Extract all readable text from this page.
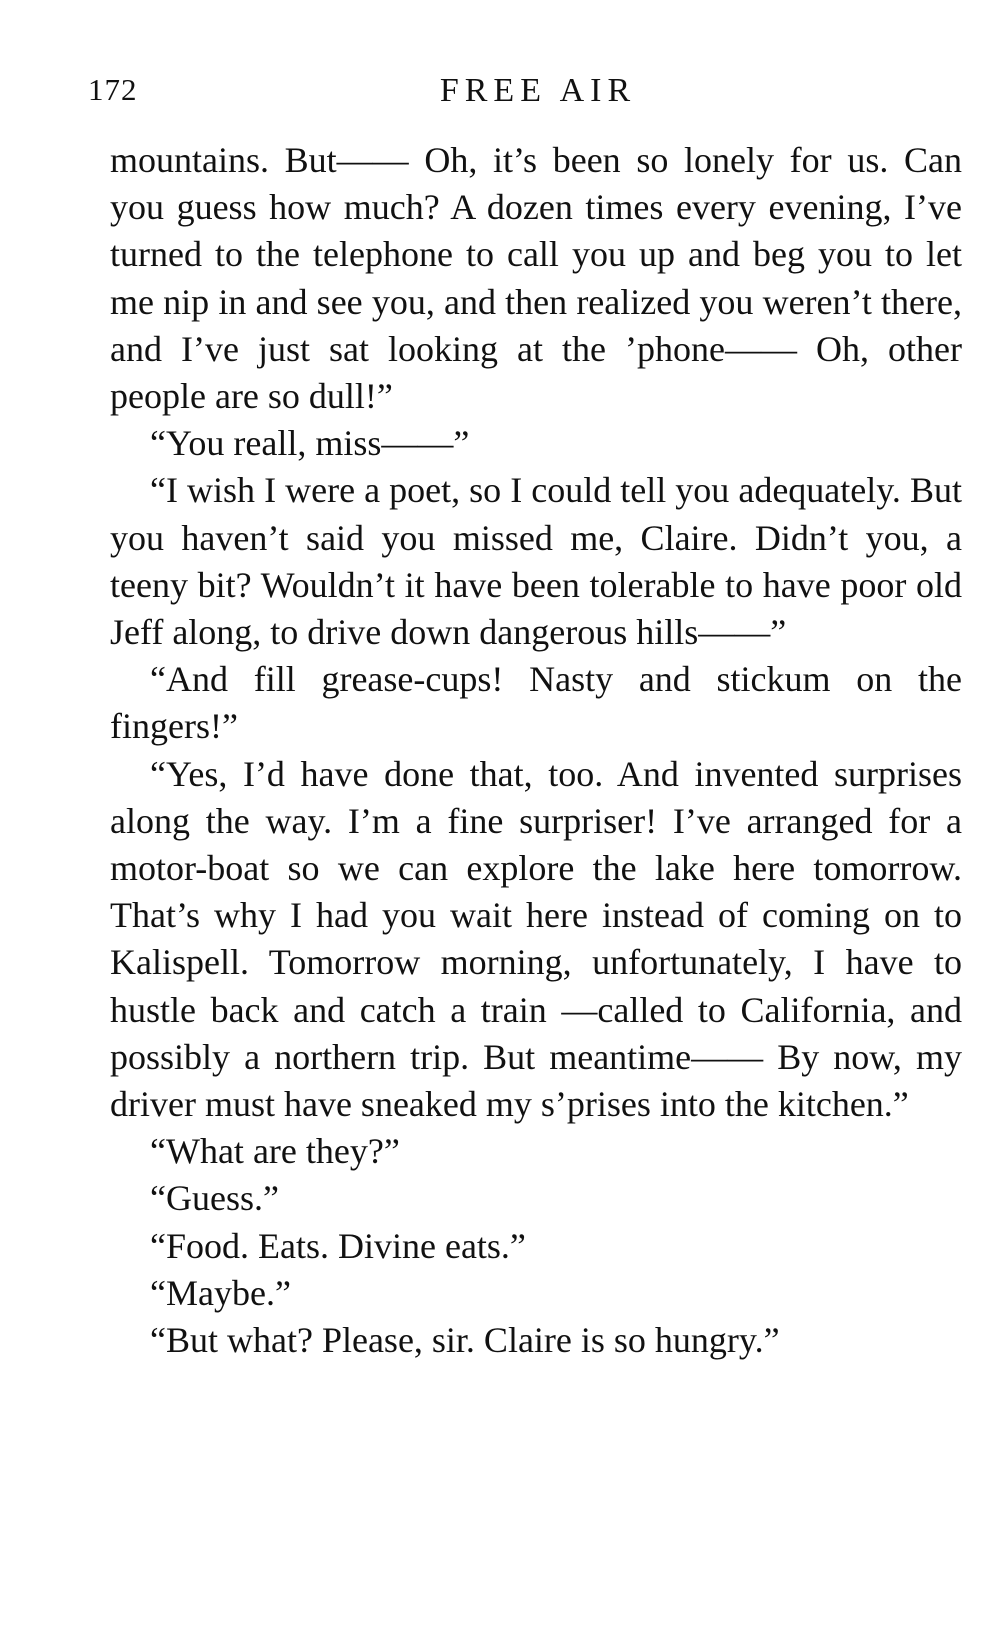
172	FREE AIR

mountains. But—— Oh, it’s been so lonely for us. Can you guess how much? A dozen times every evening, I’ve turned to the telephone to call you up and beg you to let me nip in and see you, and then realized you weren’t there, and I’ve just sat looking at the ’phone—— Oh, other people are so dull!”

“You reall, miss——”

“I wish I were a poet, so I could tell you adequately. But you haven’t said you missed me, Claire. Didn’t you, a teeny bit? Wouldn’t it have been tolerable to have poor old Jeff along, to drive down dangerous hills——”

“And fill grease-cups! Nasty and stickum on the fingers!”

“Yes, I’d have done that, too. And invented surprises along the way. I’m a fine surpriser! I’ve arranged for a motor-boat so we can explore the lake here tomorrow. That’s why I had you wait here instead of coming on to Kalispell. Tomorrow morning, unfortunately, I have to hustle back and catch a train —called to California, and possibly a northern trip. But meantime—— By now, my driver must have sneaked my s’prises into the kitchen.”

“What are they?”

“Guess.”

“Food. Eats. Divine eats.”

“Maybe.”

“But what? Please, sir. Claire is so hungry.”
